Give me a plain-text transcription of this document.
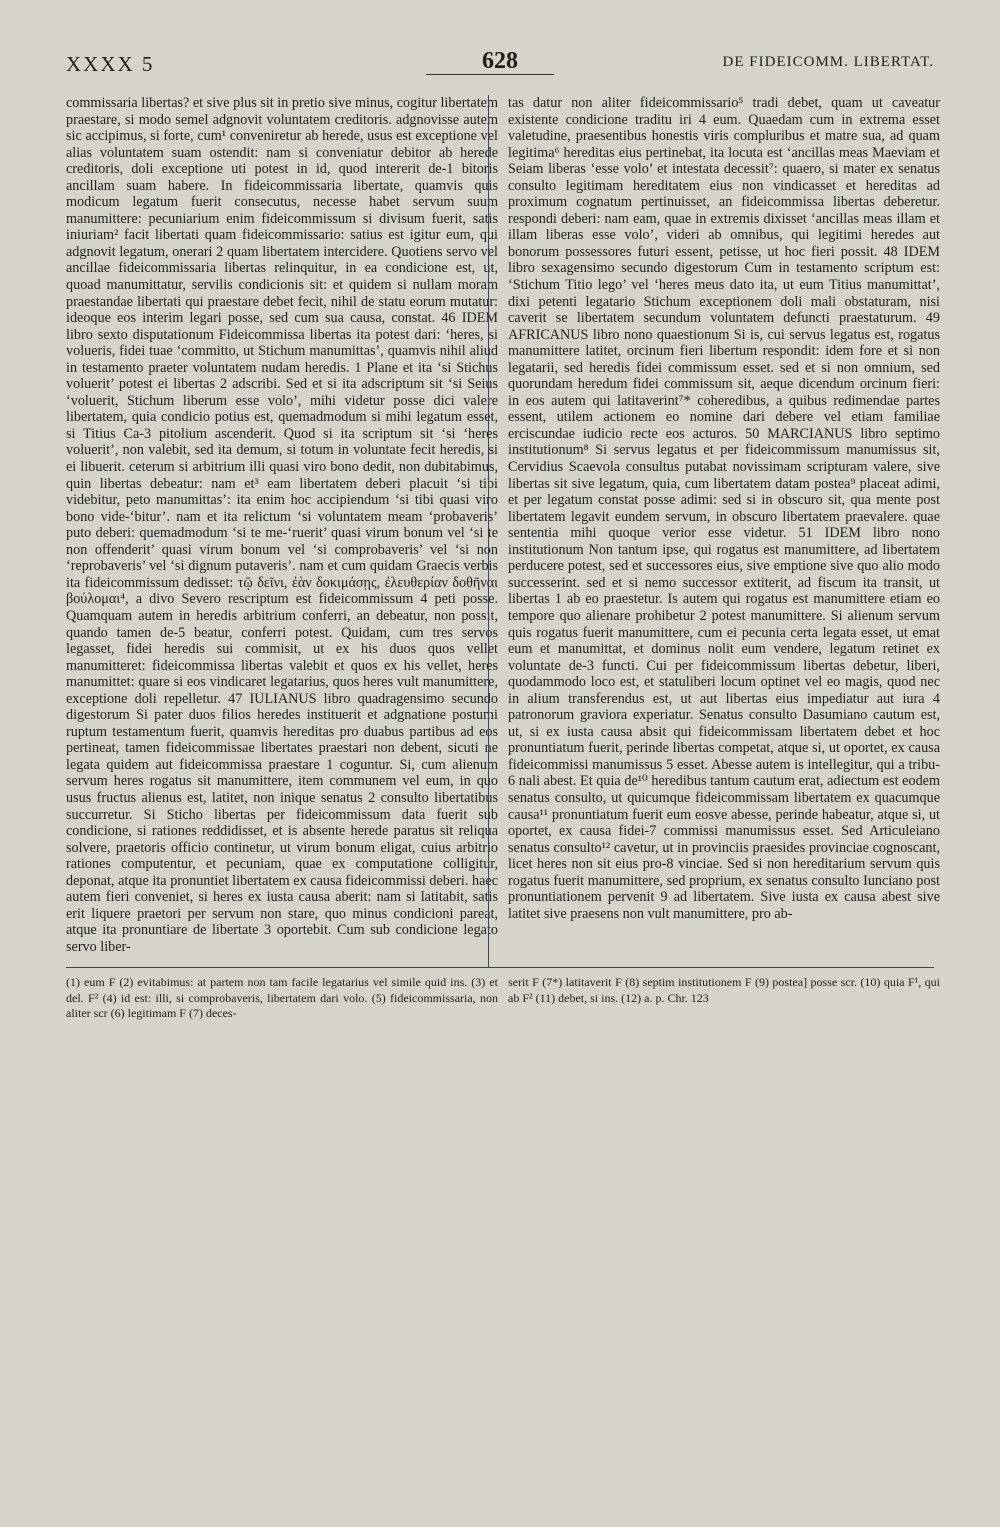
XXXX 5	628	DE FIDEICOMM. LIBERTAT.
commissaria libertas? et sive plus sit in pretio sive minus, cogitur libertatem praestare, si modo semel adgnovit voluntatem creditoris. adgnovisse autem sic accipimus, si forte, cum¹ conveniretur ab herede, usus est exceptione vel alias voluntatem suam ostendit: nam si conveniatur debitor ab herede creditoris, doli exceptione uti potest in id, quod intererit de-1 bitoris ancillam suam habere. In fideicommissaria libertate, quamvis quis modicum legatum fuerit consecutus, necesse habet servum suum manumittere: pecuniarium enim fideicommissum si divisum fuerit, satis iniuriam² facit libertati quam fideicommissario: satius est igitur eum, qui adgnovit legatum, onerari 2 quam libertatem intercidere. Quotiens servo vel ancillae fideicommissaria libertas relinquitur, in ea condicione est, ut, quoad manumittatur, servilis condicionis sit: et quidem si nullam moram praestandae libertati qui praestare debet fecit, nihil de statu eorum mutatur: ideoque eos interim legari posse, sed cum sua causa, constat. 46 IDEM libro sexto disputationum Fideicommissa libertas ita potest dari: ‘heres, si volueris, fidei tuae ‘committo, ut Stichum manumittas’, quamvis nihil aliud in testamento praeter voluntatem nudam heredis. 1 Plane et ita ‘si Stichus voluerit’ potest ei libertas 2 adscribi. Sed et si ita adscriptum sit ‘si Seius ‘voluerit, Stichum liberum esse volo’, mihi videtur posse dici valere libertatem, quia condicio potius est, quemadmodum si mihi legatum esset, si Titius Ca-3 pitolium ascenderit. Quod si ita scriptum sit ‘si ‘heres voluerit’, non valebit, sed ita demum, si totum in voluntate fecit heredis, si ei libuerit. ceterum si arbitrium illi quasi viro bono dedit, non dubitabimus, quin libertas debeatur: nam et³ eam libertatem deberi placuit ‘si tibi videbitur, peto manumittas’: ita enim hoc accipiendum ‘si tibi quasi viro bono vide-‘bitur’. nam et ita relictum ‘si voluntatem meam ‘probaveris’ puto deberi: quemadmodum ‘si te me-‘ruerit’ quasi virum bonum vel ‘si te non offenderit’ quasi virum bonum vel ‘si comprobaveris’ vel ‘si non ‘reprobaveris’ vel ‘si dignum putaveris’. nam et cum quidam Graecis verbis ita fideicommissum dedisset: τῷ δεῖνι, ἐὰν δοκιμάσῃς, ἐλευθερίαν δοθῆναι βούλομαι⁴, a divo Severo rescriptum est fideicommissum 4 peti posse. Quamquam autem in heredis arbitrium conferri, an debeatur, non possit, quando tamen de-5 beatur, conferri potest. Quidam, cum tres servos legasset, fidei heredis sui commisit, ut ex his duos quos vellet manumitteret: fideicommissa libertas valebit et quos ex his vellet, heres manumittet: quare si eos vindicaret legatarius, quos heres vult manumittere, exceptione doli repelletur. 47 IULIANUS libro quadragensimo secundo digestorum Si pater duos filios heredes instituerit et adgnatione postumi ruptum testamentum fuerit, quamvis hereditas pro duabus partibus ad eos pertineat, tamen fideicommissae libertates praestari non debent, sicuti ne legata quidem aut fideicommissa praestare 1 coguntur. Si, cum alienum servum heres rogatus sit manumittere, item communem vel eum, in quo usus fructus alienus est, latitet, non inique senatus 2 consulto libertatibus succurretur. Si Sticho libertas per fideicommissum data fuerit sub condicione, si rationes reddidisset, et is absente herede paratus sit reliqua solvere, praetoris officio continetur, ut virum bonum eligat, cuius arbitrio rationes computentur, et pecuniam, quae ex computatione colligitur, deponat, atque ita pronuntiet libertatem ex causa fideicommissi deberi. haec autem fieri conveniet, si heres ex iusta causa aberit: nam si latitabit, satis erit liquere praetori per servum non stare, quo minus condicioni pareat, atque ita pronuntiare de libertate 3 oportebit. Cum sub condicione legato servo liber-
tas datur non aliter fideicommissario⁵ tradi debet, quam ut caveatur existente condicione traditu iri 4 eum. Quaedam cum in extrema esset valetudine, praesentibus honestis viris compluribus et matre sua, ad quam legitima⁶ hereditas eius pertinebat, ita locuta est ‘ancillas meas Maeviam et Seiam liberas ‘esse volo’ et intestata decessit⁷: quaero, si mater ex senatus consulto legitimam hereditatem eius non vindicasset et hereditas ad proximum cognatum pertinuisset, an fideicommissa libertas deberetur. respondi deberi: nam eam, quae in extremis dixisset ‘ancillas meas illam et illam liberas esse volo’, videri ab omnibus, qui legitimi heredes aut bonorum possessores futuri essent, petisse, ut hoc fieri possit. 48 IDEM libro sexagensimo secundo digestorum Cum in testamento scriptum est: ‘Stichum Titio lego’ vel ‘heres meus dato ita, ut eum Titius manumittat’, dixi petenti legatario Stichum exceptionem doli mali obstaturam, nisi caverit se libertatem secundum voluntatem defuncti praestaturum. 49 AFRICANUS libro nono quaestionum Si is, cui servus legatus est, rogatus manumittere latitet, orcinum fieri libertum respondit: idem fore et si non legatarii, sed heredis fidei commissum esset. sed et si non omnium, sed quorundam heredum fidei commissum sit, aeque dicendum orcinum fieri: in eos autem qui latitaverint⁷* coheredibus, a quibus redimendae partes essent, utilem actionem eo nomine dari debere vel etiam familiae erciscundae iudicio recte eos acturos. 50 MARCIANUS libro septimo institutionum⁸ Si servus legatus et per fideicommissum manumissus sit, Cervidius Scaevola consultus putabat novissimam scripturam valere, sive libertas sit sive legatum, quia, cum libertatem datam postea⁹ placeat adimi, et per legatum constat posse adimi: sed si in obscuro sit, qua mente post libertatem legavit eundem servum, in obscuro libertatem praevalere. quae sententia mihi quoque verior esse videtur. 51 IDEM libro nono institutionum Non tantum ipse, qui rogatus est manumittere, ad libertatem perducere potest, sed et successores eius, sive emptione sive quo alio modo successerint. sed et si nemo successor extiterit, ad fiscum ita transit, ut libertas 1 ab eo praestetur. Is autem qui rogatus est manumittere etiam eo tempore quo alienare prohibetur 2 potest manumittere. Si alienum servum quis rogatus fuerit manumittere, cum ei pecunia certa legata esset, ut emat eum et manumittat, et dominus nolit eum vendere, legatum retinet ex voluntate de-3 functi. Cui per fideicommissum libertas debetur, liberi, quodammodo loco est, et statuliberi locum optinet vel eo magis, quod nec in alium transferendus est, ut aut libertas eius impediatur aut iura 4 patronorum graviora experiatur. Senatus consulto Dasumiano cautum est, ut, si ex iusta causa absit qui fideicommissam libertatem debet et hoc pronuntiatum fuerit, perinde libertas competat, atque si, ut oportet, ex causa fideicommissi manumissus 5 esset. Abesse autem is intellegitur, qui a tribu-6 nali abest. Et quia de¹⁰ heredibus tantum cautum erat, adiectum est eodem senatus consulto, ut quicumque fideicommissam libertatem ex quacumque causa¹¹ pronuntiatum fuerit eum eosve abesse, perinde habeatur, atque si, ut oportet, ex causa fidei-7 commissi manumissus esset. Sed Articuleiano senatus consulto¹² cavetur, ut in provinciis praesides provinciae cognoscant, licet heres non sit eius pro-8 vinciae. Sed si non hereditarium servum quis rogatus fuerit manumittere, sed proprium, ex senatus consulto Iunciano post pronuntiationem pervenit 9 ad libertatem. Sive iusta ex causa abest sive latitet sive praesens non vult manumittere, pro ab-
(1) eum F (2) evitabimus: at partem non tam facile legatarius vel simile quid ins. (3) et del. F² (4) id est: illi, si comprobaveris, libertatem dari volo. (5) fideicommissaria, non aliter scr (6) legitimam F (7) deces-
serit F (7*) latitaverit F (8) septim institutionem F (9) postea] posse scr. (10) quia F¹, qui ab F² (11) debet, si ins. (12) a. p. Chr. 123
